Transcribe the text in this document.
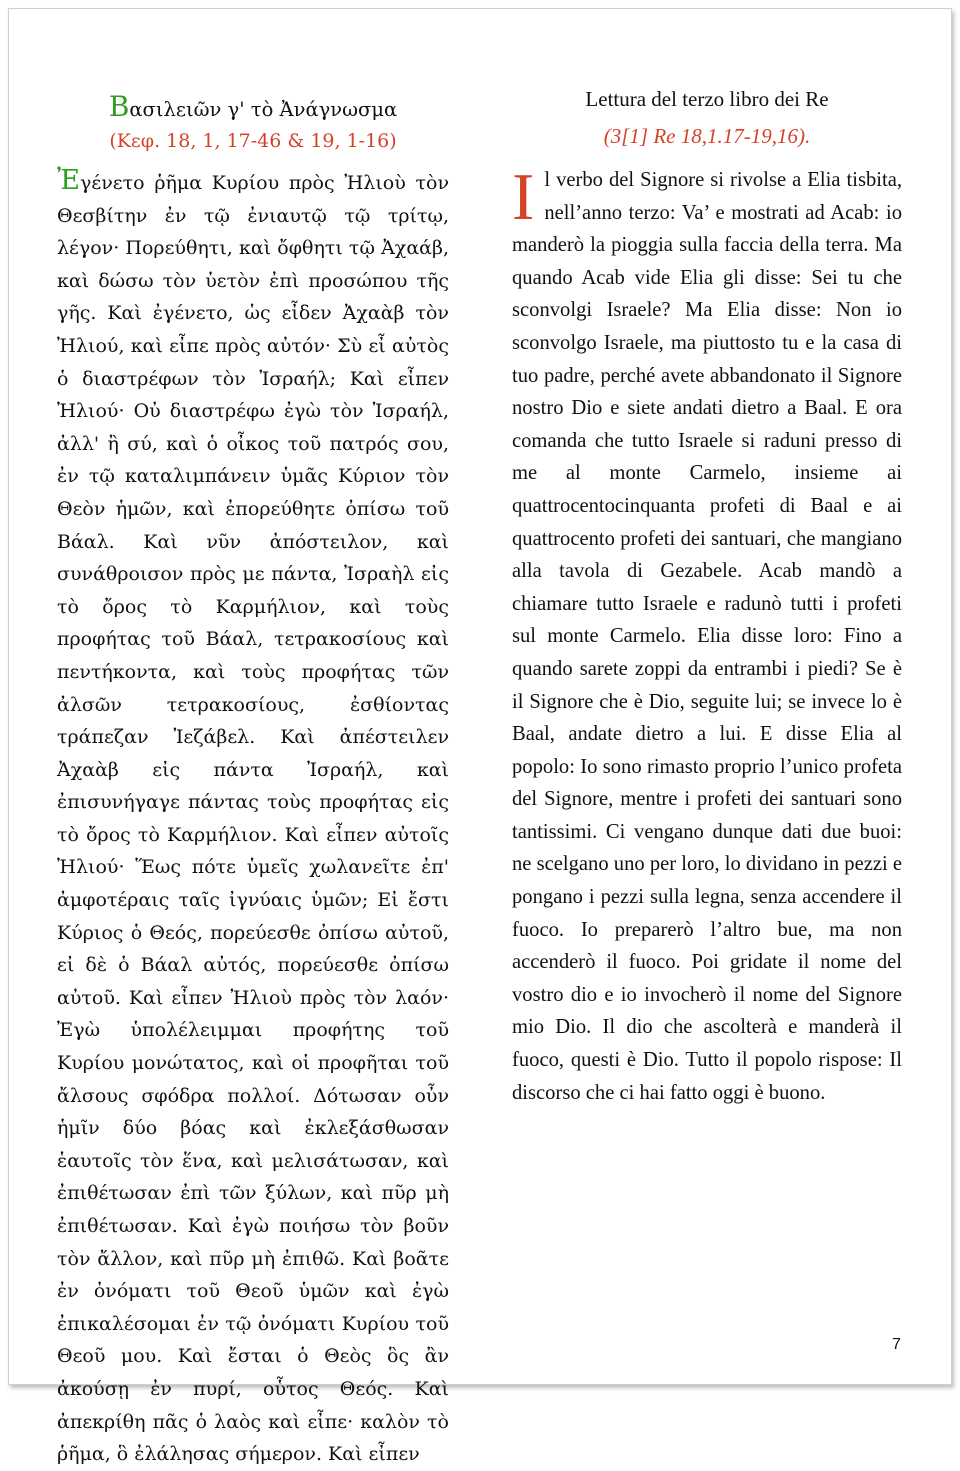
Βασιλειῶν γ' τὸ Ἀνάγνωσμα
(Κεφ. 18, 1, 17-46 & 19, 1-16)
Ἐγένετο ῥῆμα Κυρίου πρὸς Ἠλιοὺ τὸν Θεσβίτην ἐν τῷ ἐνιαυτῷ τῷ τρίτῳ, λέγον· Πορεύθητι, καὶ ὄφθητι τῷ Ἀχαάβ, καὶ δώσω τὸν ὑετὸν ἐπὶ προσώπου τῆς γῆς. Καὶ ἐγένετο, ὡς εἶδεν Ἀχαὰβ τὸν Ἠλιού, καὶ εἶπε πρὸς αὐτόν· Σὺ εἶ αὐτὸς ὁ διαστρέφων τὸν Ἰσραήλ; Καὶ εἶπεν Ἠλιού· Οὐ διαστρέφω ἐγὼ τὸν Ἰσραήλ, ἀλλ' ἢ σύ, καὶ ὁ οἶκος τοῦ πατρός σου, ἐν τῷ καταλιμπάνειν ὑμᾶς Κύριον τὸν Θεὸν ἡμῶν, καὶ ἐπορεύθητε ὀπίσω τοῦ Βάαλ. Καὶ νῦν ἀπόστειλον, καὶ συνάθροισον πρὸς με πάντα, Ἰσραὴλ εἰς τὸ ὄρος τὸ Καρμήλιον, καὶ τοὺς προφήτας τοῦ Βάαλ, τετρακοσίους καὶ πεντήκοντα, καὶ τοὺς προφήτας τῶν ἀλσῶν τετρακοσίους, ἐσθίοντας τράπεζαν Ἰεζάβελ. Καὶ ἀπέστειλεν Ἀχαὰβ εἰς πάντα Ἰσραήλ, καὶ ἐπισυνήγαγε πάντας τοὺς προφήτας εἰς τὸ ὄρος τὸ Καρμήλιον. Καὶ εἶπεν αὐτοῖς Ἠλιού· Ἕως πότε ὑμεῖς χωλανεῖτε ἐπ' ἀμφοτέραις ταῖς ἰγνύαις ὑμῶν; Εἰ ἔστι Κύριος ὁ Θεός, πορεύεσθε ὀπίσω αὐτοῦ, εἰ δὲ ὁ Βάαλ αὐτός, πορεύεσθε ὀπίσω αὐτοῦ. Καὶ εἶπεν Ἠλιοὺ πρὸς τὸν λαόν· Ἐγὼ ὑπολέλειμμαι προφήτης τοῦ Κυρίου μονώτατος, καὶ οἱ προφῆται τοῦ ἄλσους σφόδρα πολλοί. Δότωσαν οὖν ἡμῖν δύο βόας καὶ ἐκλεξάσθωσαν ἑαυτοῖς τὸν ἕνα, καὶ μελισάτωσαν, καὶ ἐπιθέτωσαν ἐπὶ τῶν ξύλων, καὶ πῦρ μὴ ἐπιθέτωσαν. Καὶ ἐγὼ ποιήσω τὸν βοῦν τὸν ἄλλον, καὶ πῦρ μὴ ἐπιθῶ. Καὶ βοᾶτε ἐν ὀνόματι τοῦ Θεοῦ ὑμῶν καὶ ἐγὼ ἐπικαλέσομαι ἐν τῷ ὀνόματι Κυρίου τοῦ Θεοῦ μου. Καὶ ἔσται ὁ Θεὸς ὃς ἂν ἀκούσῃ ἐν πυρί, οὗτος Θεός. Καὶ ἀπεκρίθη πᾶς ὁ λαὸς καὶ εἶπε· καλὸν τὸ ῥῆμα, ὃ ἐλάλησας σήμερον. Καὶ εἶπεν
Lettura del terzo libro dei Re
(3[1] Re 18,1.17-19,16).
Il verbo del Signore si rivolse a Elia tisbita, nell’anno terzo: Va’ e mostrati ad Acab: io manderò la pioggia sulla faccia della terra. Ma quando Acab vide Elia gli disse: Sei tu che sconvolgi Israele? Ma Elia disse: Non io sconvolgo Israele, ma piuttosto tu e la casa di tuo padre, perché avete abbandonato il Signore nostro Dio e siete andati dietro a Baal. E ora comanda che tutto Israele si raduni presso di me al monte Carmelo, insieme ai quattrocentocinquanta profeti di Baal e ai quattrocento profeti dei santuari, che mangiano alla tavola di Gezabele. Acab mandò a chiamare tutto Israele e radunò tutti i profeti sul monte Carmelo. Elia disse loro: Fino a quando sarete zoppi da entrambi i piedi? Se è il Signore che è Dio, seguite lui; se invece lo è Baal, andate dietro a lui. E disse Elia al popolo: Io sono rimasto proprio l’unico profeta del Signore, mentre i profeti dei santuari sono tantissimi. Ci vengano dunque dati due buoi: ne scelgano uno per loro, lo dividano in pezzi e pongano i pezzi sulla legna, senza accendere il fuoco. Io preparerò l’altro bue, ma non accenderò il fuoco. Poi gridate il nome del vostro dio e io invocherò il nome del Signore mio Dio. Il dio che ascolterà e manderà il fuoco, questi è Dio. Tutto il popolo rispose: Il discorso che ci hai fatto oggi è buono.
7
